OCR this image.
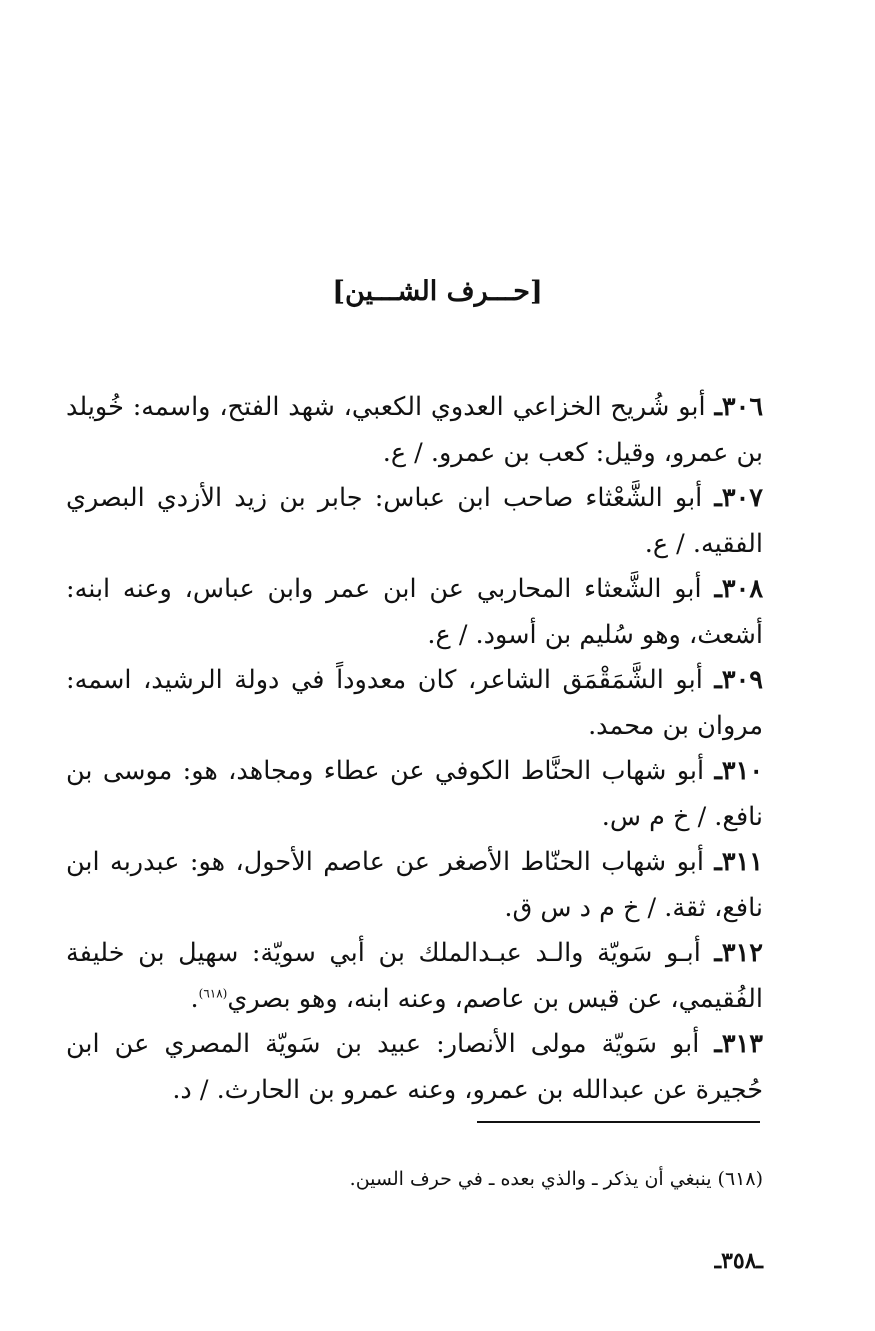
[حـــرف الشـــين]

٣٠٦ـ أبو شُريح الخزاعي العدوي الكعبي، شهد الفتح، واسمه: خُويلد بن عمرو، وقيل: كعب بن عمرو. / ع.

٣٠٧ـ أبو الشَّعْثاء صاحب ابن عباس: جابر بن زيد الأزدي البصري الفقيه. / ع.

٣٠٨ـ أبو الشَّعثاء المحاربي عن ابن عمر وابن عباس، وعنه ابنه: أشعث، وهو سُليم بن أسود. / ع.

٣٠٩ـ أبو الشَّمَقْمَق الشاعر، كان معدوداً في دولة الرشيد، اسمه: مروان بن محمد.

٣١٠ـ أبو شهاب الحنَّاط الكوفي عن عطاء ومجاهد، هو: موسى بن نافع. / خ م س.

٣١١ـ أبو شهاب الحنّاط الأصغر عن عاصم الأحول، هو: عبدربه ابن نافع، ثقة. / خ م د س ق.

٣١٢ـ أبـو سَويّة والـد عبـدالملك بن أبي سويّة: سهيل بن خليفة الفُقيمي، عن قيس بن عاصم، وعنه ابنه، وهو بصري$^{(٦١٨)}$.

٣١٣ـ أبو سَويّة مولى الأنصار: عبيد بن سَويّة المصري عن ابن حُجيرة عن عبدالله بن عمرو، وعنه عمرو بن الحارث. / د.

(٦١٨) ينبغي أن يذكر ـ والذي بعده ـ في حرف السين.
ـ٣٥٨ـ
